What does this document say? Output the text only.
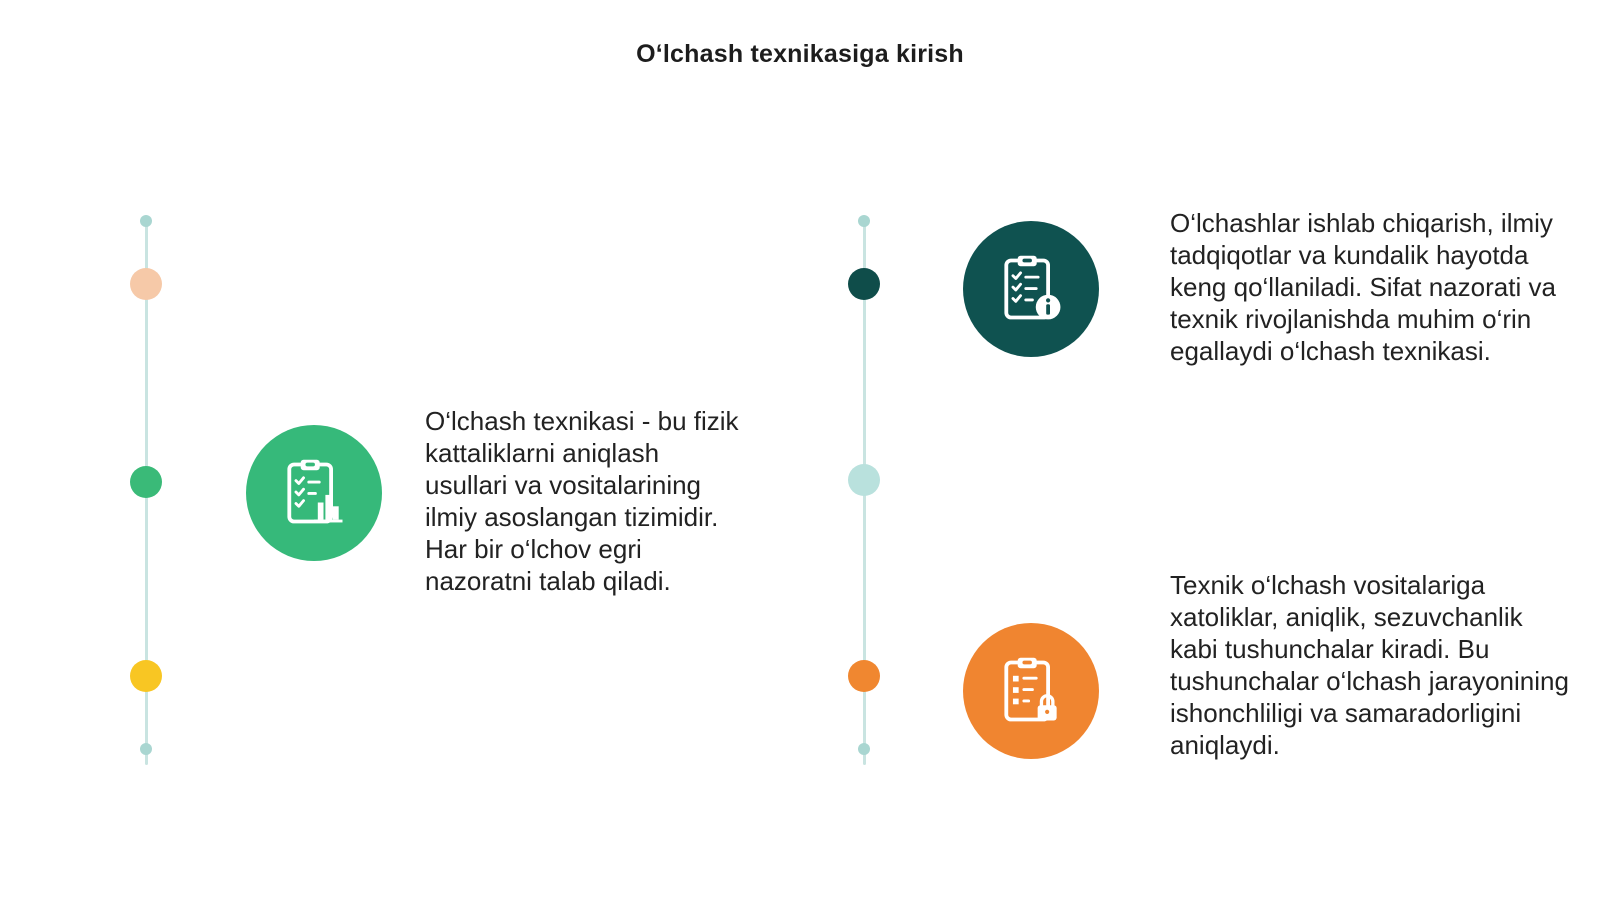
O‘lchash texnikasiga kirish
O‘lchash texnikasi - bu fizik kattaliklarni aniqlash usullari va vositalarining ilmiy asoslangan tizimidir. Har bir o‘lchov egri nazoratni talab qiladi.
O‘lchashlar ishlab chiqarish, ilmiy tadqiqotlar va kundalik hayotda keng qo‘llaniladi. Sifat nazorati va texnik rivojlanishda muhim o‘rin egallaydi o‘lchash texnikasi.
Texnik o‘lchash vositalariga xatoliklar, aniqlik, sezuvchanlik kabi tushunchalar kiradi. Bu tushunchalar o‘lchash jarayonining ishonchliligi va samaradorligini aniqlaydi.
